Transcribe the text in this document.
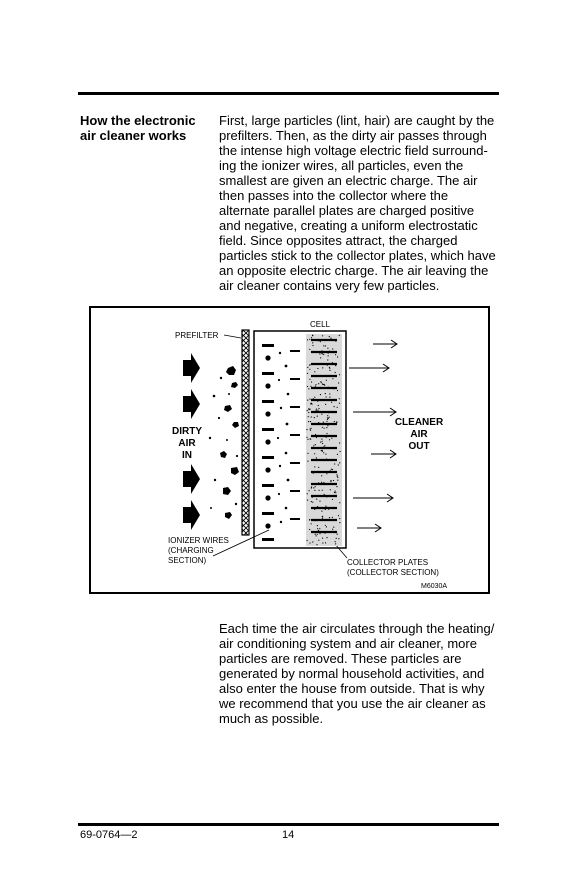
How the electronic
air cleaner works
First, large particles (lint, hair) are caught by the
prefilters. Then, as the dirty air passes through
the intense high voltage electric field surround-
ing the ionizer wires, all particles, even the
smallest are given an electric charge. The air
then passes into the collector where the
alternate parallel plates are charged positive
and negative, creating a uniform electrostatic
field. Since opposites attract, the charged
particles stick to the collector plates, which have
an opposite electric charge. The air leaving the
air cleaner contains very few particles.
PREFILTER
CELL
DIRTY
AIR
IN
CLEANER
AIR
OUT
IONIZER WIRES
(CHARGING
SECTION)	COLLECTOR PLATES
(COLLECTOR SECTION)
M6030A
Each time the air circulates through the heating/
air conditioning system and air cleaner, more
particles are removed. These particles are
generated by normal household activities, and
also enter the house from outside. That is why
we recommend that you use the air cleaner as
much as possible.
69-0764—2	14
